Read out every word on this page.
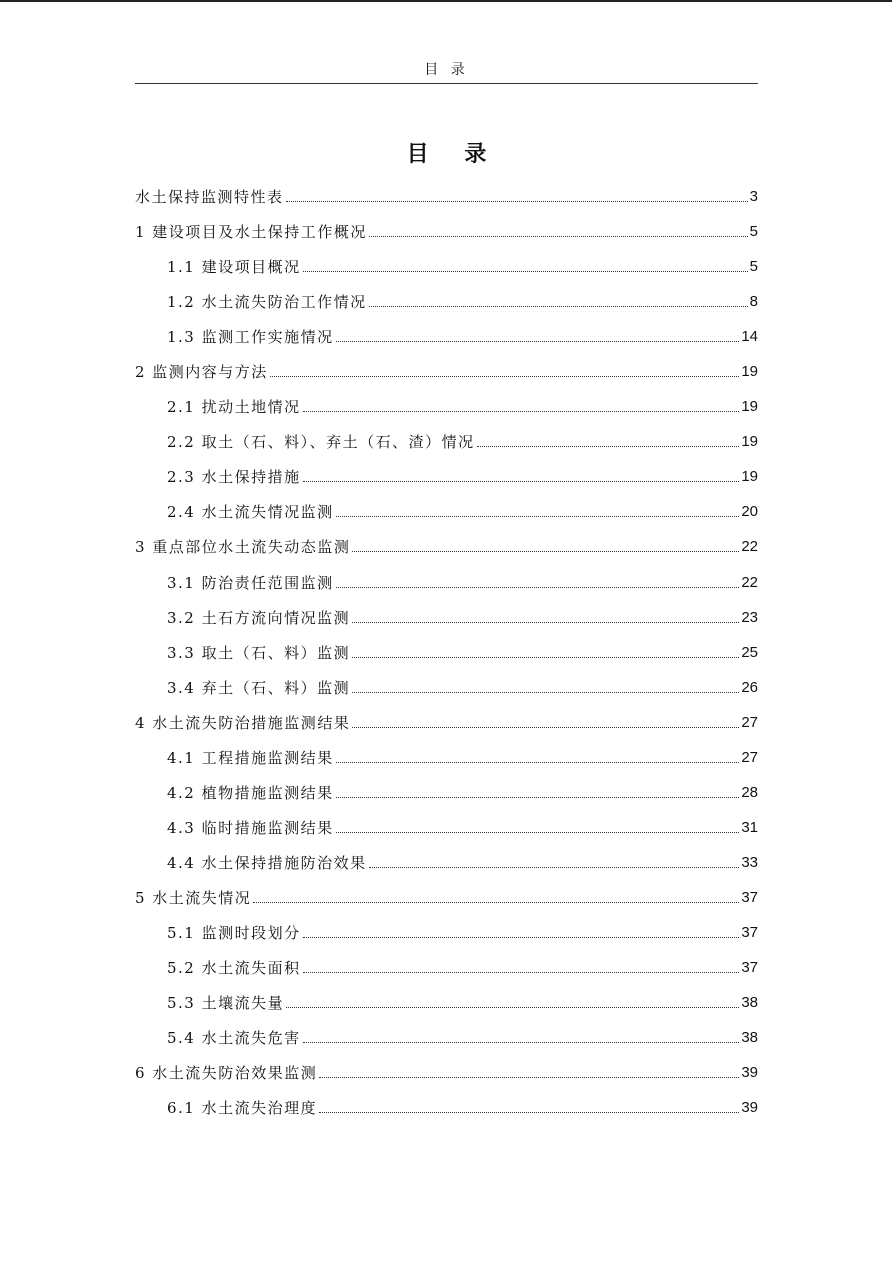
目 录
目 录
水土保持监测特性表	3
1 建设项目及水土保持工作概况	5
1.1 建设项目概况	5
1.2 水土流失防治工作情况	8
1.3 监测工作实施情况	14
2 监测内容与方法	19
2.1 扰动土地情况	19
2.2 取土（石、料）、弃土（石、渣）情况	19
2.3 水土保持措施	19
2.4 水土流失情况监测	20
3 重点部位水土流失动态监测	22
3.1 防治责任范围监测	22
3.2 土石方流向情况监测	23
3.3 取土（石、料）监测	25
3.4 弃土（石、料）监测	26
4 水土流失防治措施监测结果	27
4.1 工程措施监测结果	27
4.2 植物措施监测结果	28
4.3 临时措施监测结果	31
4.4 水土保持措施防治效果	33
5 水土流失情况	37
5.1 监测时段划分	37
5.2 水土流失面积	37
5.3 土壤流失量	38
5.4 水土流失危害	38
6 水土流失防治效果监测	39
6.1 水土流失治理度	39
